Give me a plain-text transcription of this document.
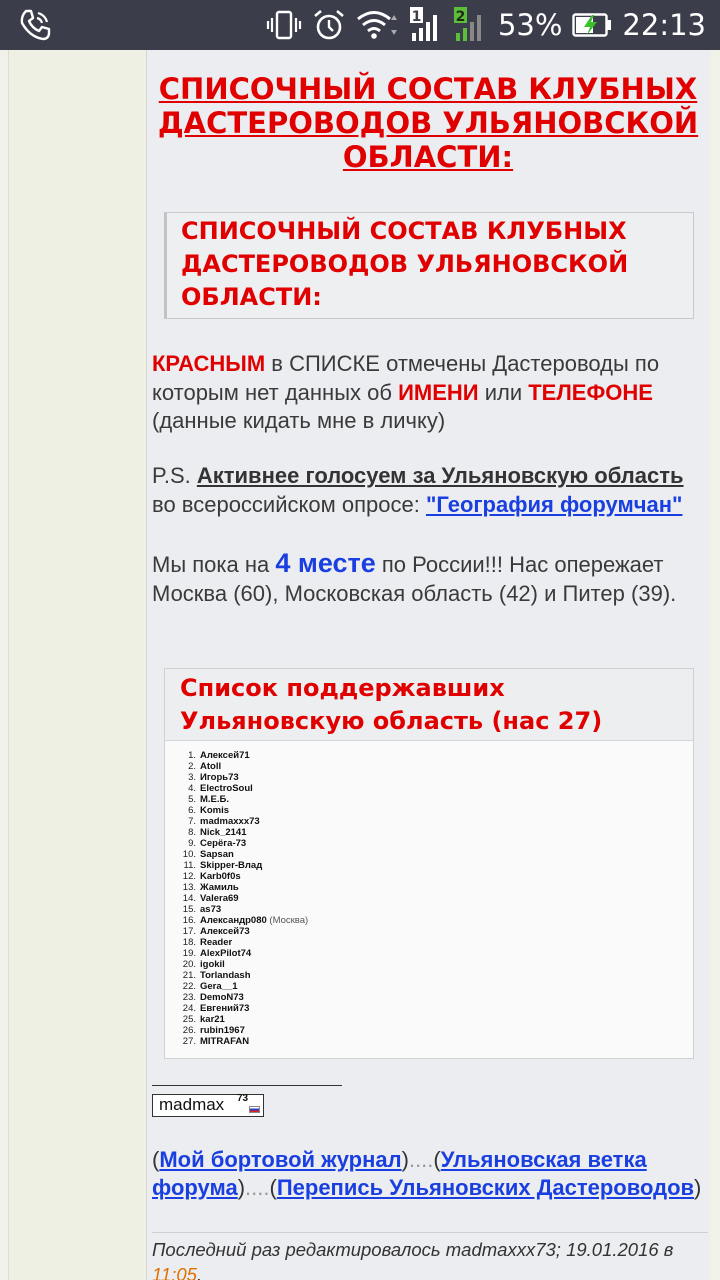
1 2 53% 22:13
СПИСОЧНЫЙ СОСТАВ КЛУБНЫХ ДАСТЕРОВОДОВ УЛЬЯНОВСКОЙ ОБЛАСТИ:
СПИСОЧНЫЙ СОСТАВ КЛУБНЫХ ДАСТЕРОВОДОВ УЛЬЯНОВСКОЙ ОБЛАСТИ:
КРАСНЫМ в СПИСКЕ отмечены Дастероводы по которым нет данных об ИМЕНИ или ТЕЛЕФОНЕ (данные кидать мне в личку)
P.S. Активнее голосуем за Ульяновскую область во всероссийском опросе: "География форумчан"
Мы пока на 4 месте по России!!! Нас опережает Москва (60), Московская область (42) и Питер (39).
Список поддержавших Ульяновскую область (нас 27)
1. Алексей71
2. Atoll
3. Игорь73
4. ElectroSoul
5. М.Е.Б.
6. Komis
7. madmaxxx73
8. Nick_2141
9. Серёга-73
10. Sapsan
11. Skipper-Влад
12. Karb0f0s
13. Жамиль
14. Valera69
15. as73
16. Александр080 (Москва)
17. Алексей73
18. Reader
19. AlexPilot74
20. igokil
21. Torlandash
22. Gera__1
23. DemoN73
24. Евгений73
25. kar21
26. rubin1967
27. MITRAFAN
madmax 73
(Мой бортовой журнал)....(Ульяновская ветка форума)....(Перепись Ульяновских Дастероводов)
Последний раз редактировалось madmaxxx73; 19.01.2016 в 11:05.
